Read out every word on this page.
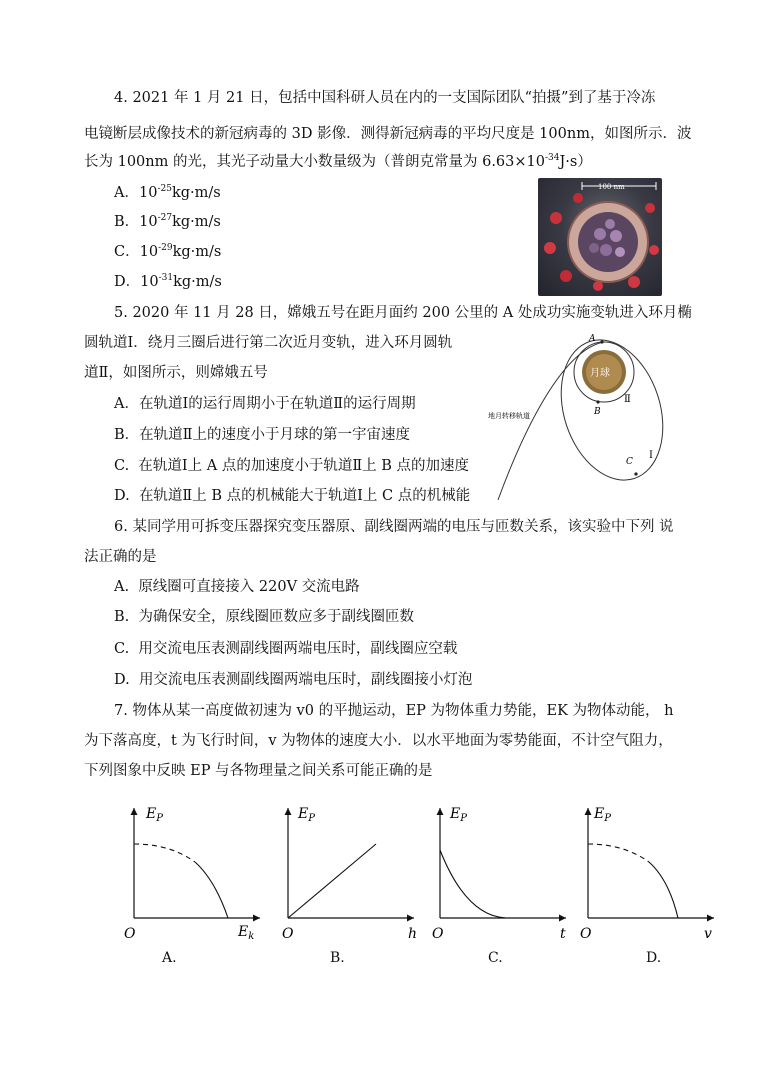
4. 2021 年 1 月 21 日，包括中国科研人员在内的一支国际团队“拍摄”到了基于冷冻
电镜断层成像技术的新冠病毒的 3D 影像．测得新冠病毒的平均尺度是 100nm，如图所示．波
长为 100nm 的光，其光子动量大小数量级为（普朗克常量为 $6.63\times 10^{-34}J\cdot s$）
A．$10^{-25}kg\cdot m/s$
B．$10^{-27}kg\cdot m/s$
C．$10^{-29}kg\cdot m/s$
D．$10^{-31}kg\cdot m/s$
100 nm
5. 2020 年 11 月 28 日，嫦娥五号在距月面约 200 公里的 A 处成功实施变轨进入环月椭
圆轨道Ⅰ．绕月三圈后进行第二次近月变轨，进入环月圆轨
道Ⅱ，如图所示，则嫦娥五号
A．在轨道Ⅰ的运行周期小于在轨道Ⅱ的运行周期
B．在轨道Ⅱ上的速度小于月球的第一宇宙速度
C. 在轨道Ⅰ上 A 点的加速度小于轨道Ⅱ上 B 点的加速度
D. 在轨道Ⅱ上 B 点的机械能大于轨道Ⅰ上 C 点的机械能
月球
A
B
C
Ⅰ
Ⅱ
地月转移轨道
6. 某同学用可拆变压器探究变压器原、副线圈两端的电压与匝数关系，该实验中下列 说
法正确的是
A. 原线圈可直接接入 220V 交流电路
B. 为确保安全，原线圈匝数应多于副线圈匝数
C. 用交流电压表测副线圈两端电压时，副线圈应空载
D. 用交流电压表测副线圈两端电压时，副线圈接小灯泡
7. 物体从某一高度做初速为 v0 的平抛运动，EP 为物体重力势能，EK 为物体动能， h
为下落高度，t 为飞行时间，v 为物体的速度大小．以水平地面为零势能面，不计空气阻力，
下列图象中反映 EP 与各物理量之间关系可能正确的是
$E_P$
O	$E_k$
A.
$E_P$
O	h
B.
$E_P$
O	t
C.
$E_P$
O	v
D.
